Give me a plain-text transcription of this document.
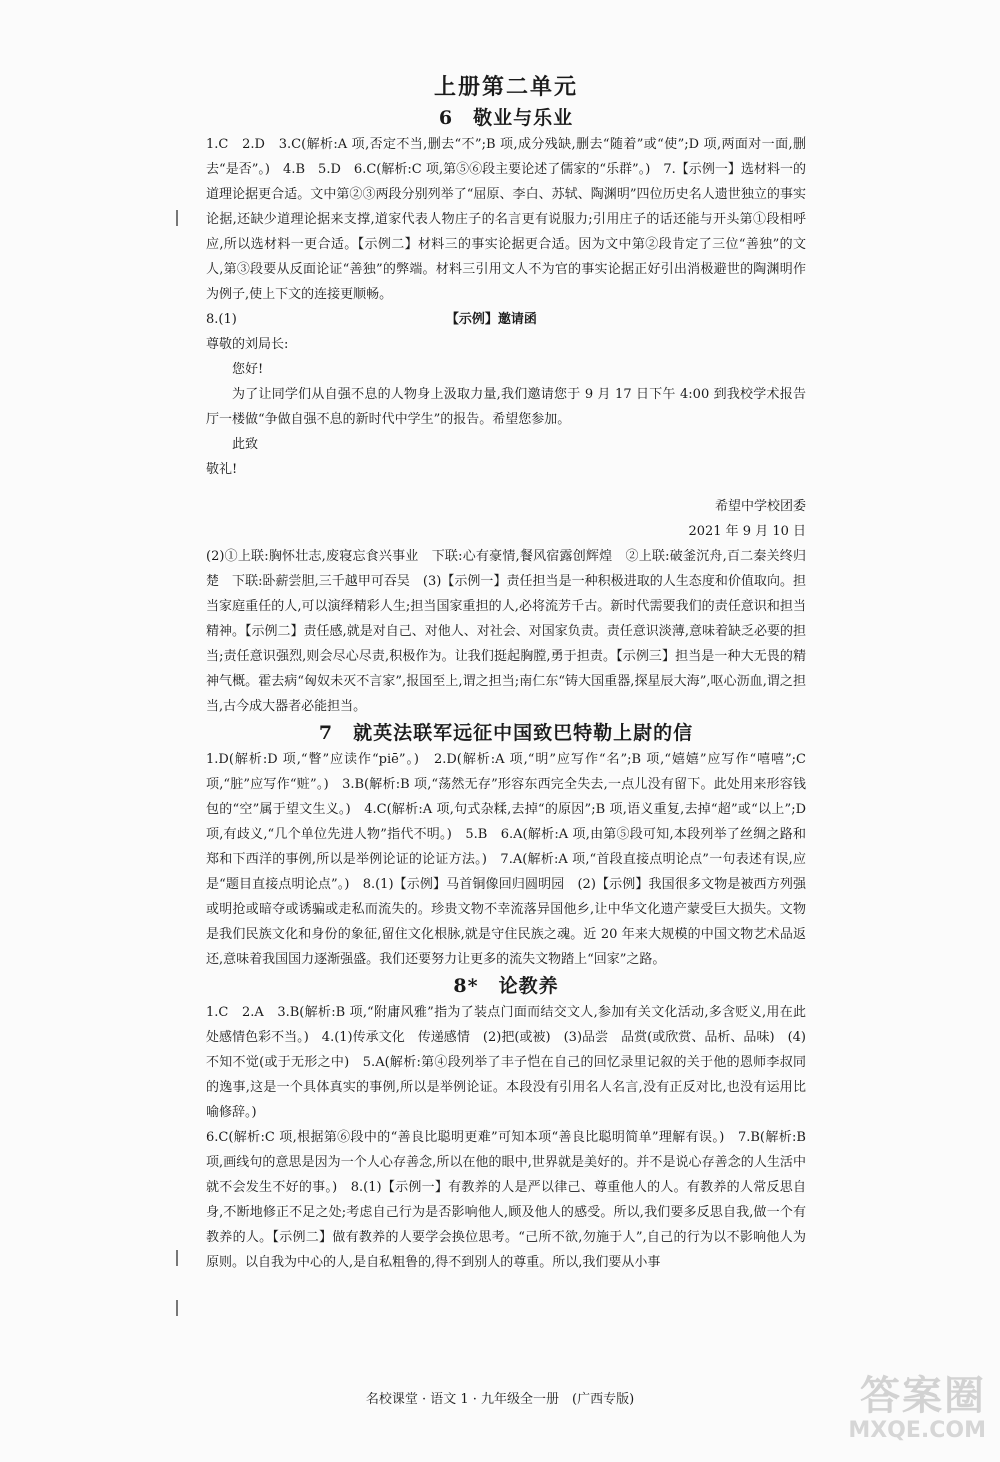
上册第二单元
6　敬业与乐业

1.C　2.D　3.C(解析:A 项,否定不当,删去“不”;B 项,成分残缺,删去“随着”或“使”;D 项,两面对一面,删去“是否”。)　4.B　5.D　6.C(解析:C 项,第⑤⑥段主要论述了儒家的“乐群”。)　7.【示例一】选材料一的道理论据更合适。文中第②③两段分别列举了“屈原、李白、苏轼、陶渊明”四位历史名人遗世独立的事实论据,还缺少道理论据来支撑,道家代表人物庄子的名言更有说服力;引用庄子的话还能与开头第①段相呼应,所以选材料一更合适。【示例二】材料三的事实论据更合适。因为文中第②段肯定了三位“善独”的文人,第③段要从反面论证“善独”的弊端。材料三引用文人不为官的事实论据正好引出消极避世的陶渊明作为例子,使上下文的连接更顺畅。

8.(1)	【示例】邀请函

尊敬的刘局长:

您好!

为了让同学们从自强不息的人物身上汲取力量,我们邀请您于 9 月 17 日下午 4:00 到我校学术报告厅一楼做“争做自强不息的新时代中学生”的报告。希望您参加。

此致

敬礼!

希望中学校团委

2021 年 9 月 10 日

(2)①上联:胸怀壮志,废寝忘食兴事业　下联:心有豪情,餐风宿露创辉煌　②上联:破釜沉舟,百二秦关终归楚　下联:卧薪尝胆,三千越甲可吞吴　(3)【示例一】责任担当是一种积极进取的人生态度和价值取向。担当家庭重任的人,可以演绎精彩人生;担当国家重担的人,必将流芳千古。新时代需要我们的责任意识和担当精神。【示例二】责任感,就是对自己、对他人、对社会、对国家负责。责任意识淡薄,意味着缺乏必要的担当;责任意识强烈,则会尽心尽责,积极作为。让我们挺起胸膛,勇于担责。【示例三】担当是一种大无畏的精神气概。霍去病“匈奴未灭不言家”,报国至上,谓之担当;南仁东“铸大国重器,探星辰大海”,呕心沥血,谓之担当,古今成大器者必能担当。

7　就英法联军远征中国致巴特勒上尉的信

1.D(解析:D 项,“瞥”应读作“piē”。)　2.D(解析:A 项,“明”应写作“名”;B 项,“嬉嬉”应写作“嘻嘻”;C 项,“脏”应写作“赃”。)　3.B(解析:B 项,“荡然无存”形容东西完全失去,一点儿没有留下。此处用来形容钱包的“空”属于望文生义。)　4.C(解析:A 项,句式杂糅,去掉“的原因”;B 项,语义重复,去掉“超”或“以上”;D 项,有歧义,“几个单位先进人物”指代不明。)　5.B　6.A(解析:A 项,由第⑤段可知,本段列举了丝绸之路和郑和下西洋的事例,所以是举例论证的论证方法。)　7.A(解析:A 项,“首段直接点明论点”一句表述有误,应是“题目直接点明论点”。)　8.(1)【示例】马首铜像回归圆明园　(2)【示例】我国很多文物是被西方列强或明抢或暗夺或诱骗或走私而流失的。珍贵文物不幸流落异国他乡,让中华文化遗产蒙受巨大损失。文物是我们民族文化和身份的象征,留住文化根脉,就是守住民族之魂。近 20 年来大规模的中国文物艺术品返还,意味着我国国力逐渐强盛。我们还要努力让更多的流失文物踏上“回家”之路。

8*　论教养

1.C　2.A　3.B(解析:B 项,“附庸风雅”指为了装点门面而结交文人,参加有关文化活动,多含贬义,用在此处感情色彩不当。)　4.(1)传承文化　传递感情　(2)把(或被)　(3)品尝　品赏(或欣赏、品析、品味)　(4)不知不觉(或于无形之中)　5.A(解析:第④段列举了丰子恺在自己的回忆录里记叙的关于他的恩师李叔同的逸事,这是一个具体真实的事例,所以是举例论证。本段没有引用名人名言,没有正反对比,也没有运用比喻修辞。)

6.C(解析:C 项,根据第⑥段中的“善良比聪明更难”可知本项“善良比聪明简单”理解有误。)　7.B(解析:B 项,画线句的意思是因为一个人心存善念,所以在他的眼中,世界就是美好的。并不是说心存善念的人生活中就不会发生不好的事。)　8.(1)【示例一】有教养的人是严以律己、尊重他人的人。有教养的人常反思自身,不断地修正不足之处;考虑自己行为是否影响他人,顾及他人的感受。所以,我们要多反思自我,做一个有教养的人。【示例二】做有教养的人要学会换位思考。“己所不欲,勿施于人”,自己的行为以不影响他人为原则。以自我为中心的人,是自私粗鲁的,得不到别人的尊重。所以,我们要从小事

名校课堂 · 语文 1 · 九年级全一册　(广西专版)	答案圈
MXQE.COM
